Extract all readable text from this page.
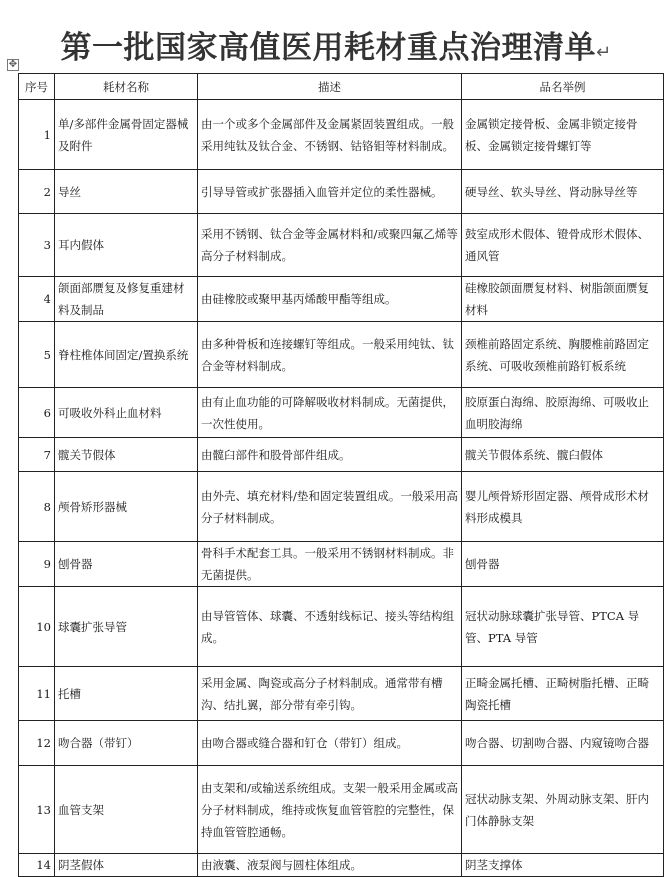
第一批国家高值医用耗材重点治理清单↵
✥
序号	耗材名称	描述	品名举例
1	单/多部件金属骨固定器械及附件	由一个或多个金属部件及金属紧固装置组成。一般采用纯钛及钛合金、不锈钢、钴铬钼等材料制成。	金属锁定接骨板、金属非锁定接骨板、金属锁定接骨螺钉等
2	导丝	引导导管或扩张器插入血管并定位的柔性器械。	硬导丝、软头导丝、肾动脉导丝等
3	耳内假体	采用不锈钢、钛合金等金属材料和/或聚四氟乙烯等高分子材料制成。	鼓室成形术假体、镫骨成形术假体、通风管
4	颌面部赝复及修复重建材料及制品	由硅橡胶或聚甲基丙烯酸甲酯等组成。	硅橡胶颌面赝复材料、树脂颌面赝复材料
5	脊柱椎体间固定/置换系统	由多种骨板和连接螺钉等组成。一般采用纯钛、钛合金等材料制成。	颈椎前路固定系统、胸腰椎前路固定系统、可吸收颈椎前路钉板系统
6	可吸收外科止血材料	由有止血功能的可降解吸收材料制成。无菌提供，一次性使用。	胶原蛋白海绵、胶原海绵、可吸收止血明胶海绵
7	髋关节假体	由髋臼部件和股骨部件组成。	髋关节假体系统、髋臼假体
8	颅骨矫形器械	由外壳、填充材料/垫和固定装置组成。一般采用高分子材料制成。	婴儿颅骨矫形固定器、颅骨成形术材料形成模具
9	刨骨器	骨科手术配套工具。一般采用不锈钢材料制成。非无菌提供。	刨骨器
10	球囊扩张导管	由导管管体、球囊、不透射线标记、接头等结构组成。	冠状动脉球囊扩张导管、PTCA 导管、PTA 导管
11	托槽	采用金属、陶瓷或高分子材料制成。通常带有槽沟、结扎翼，部分带有牵引钩。	正畸金属托槽、正畸树脂托槽、正畸陶瓷托槽
12	吻合器（带钉）	由吻合器或缝合器和钉仓（带钉）组成。	吻合器、切割吻合器、内窥镜吻合器
13	血管支架	由支架和/或输送系统组成。支架一般采用金属或高分子材料制成，维持或恢复血管管腔的完整性，保持血管管腔通畅。	冠状动脉支架、外周动脉支架、肝内门体静脉支架
14	阴茎假体	由液囊、液泵阀与圆柱体组成。	阴茎支撑体
